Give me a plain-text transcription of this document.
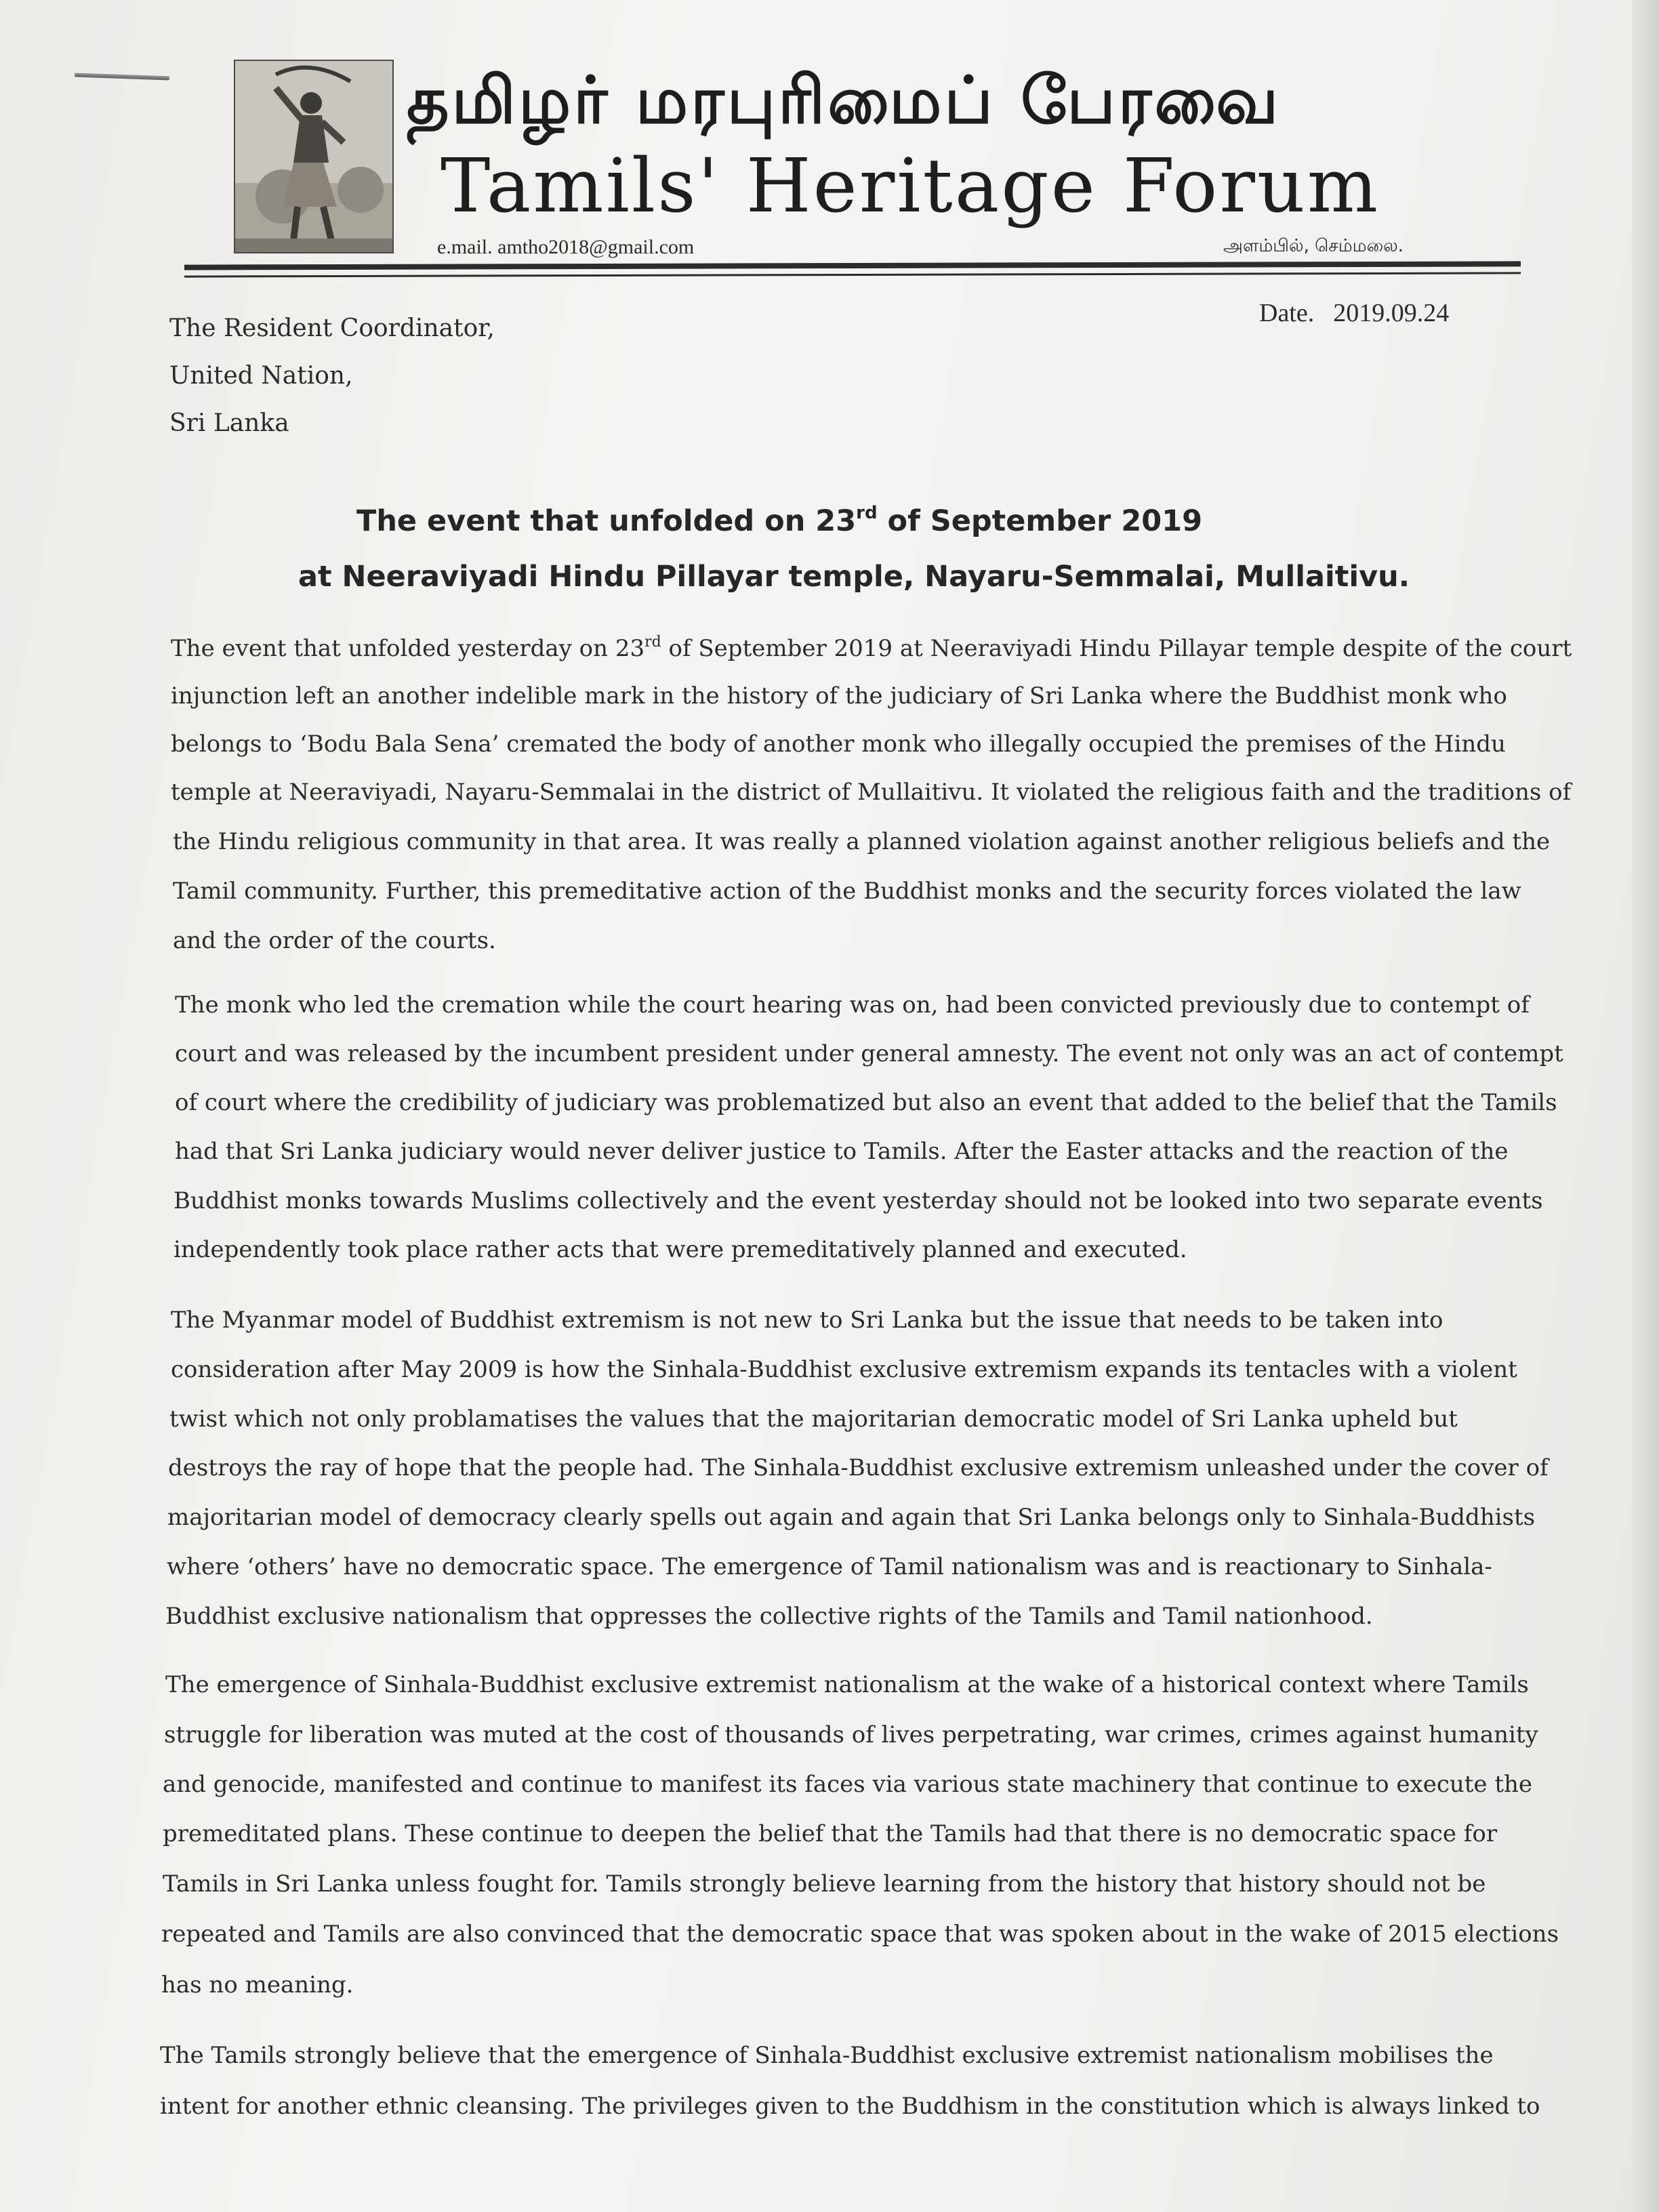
தமிழர் மரபுரிமைப் பேரவை
Tamils' Heritage Forum
e.mail. amtho2018@gmail.com	அளம்பில், செம்மலை.
The Resident Coordinator,
United Nation,
Sri Lanka
Date. 2019.09.24
The event that unfolded on 23rd of September 2019
at Neeraviyadi Hindu Pillayar temple, Nayaru-Semmalai, Mullaitivu.
The event that unfolded yesterday on 23rd of September 2019 at Neeraviyadi Hindu Pillayar temple despite of the court
injunction left an another indelible mark in the history of the judiciary of Sri Lanka where the Buddhist monk who
belongs to ‘Bodu Bala Sena’ cremated the body of another monk who illegally occupied the premises of the Hindu
temple at Neeraviyadi, Nayaru-Semmalai in the district of Mullaitivu. It violated the religious faith and the traditions of
the Hindu religious community in that area. It was really a planned violation against another religious beliefs and the
Tamil community. Further, this premeditative action of the Buddhist monks and the security forces violated the law
and the order of the courts.
The monk who led the cremation while the court hearing was on, had been convicted previously due to contempt of
court and was released by the incumbent president under general amnesty. The event not only was an act of contempt
of court where the credibility of judiciary was problematized but also an event that added to the belief that the Tamils
had that Sri Lanka judiciary would never deliver justice to Tamils. After the Easter attacks and the reaction of the
Buddhist monks towards Muslims collectively and the event yesterday should not be looked into two separate events
independently took place rather acts that were premeditatively planned and executed.
The Myanmar model of Buddhist extremism is not new to Sri Lanka but the issue that needs to be taken into
consideration after May 2009 is how the Sinhala-Buddhist exclusive extremism expands its tentacles with a violent
twist which not only problamatises the values that the majoritarian democratic model of Sri Lanka upheld but
destroys the ray of hope that the people had. The Sinhala-Buddhist exclusive extremism unleashed under the cover of
majoritarian model of democracy clearly spells out again and again that Sri Lanka belongs only to Sinhala-Buddhists
where ‘others’ have no democratic space. The emergence of Tamil nationalism was and is reactionary to Sinhala-
Buddhist exclusive nationalism that oppresses the collective rights of the Tamils and Tamil nationhood.
The emergence of Sinhala-Buddhist exclusive extremist nationalism at the wake of a historical context where Tamils
struggle for liberation was muted at the cost of thousands of lives perpetrating, war crimes, crimes against humanity
and genocide, manifested and continue to manifest its faces via various state machinery that continue to execute the
premeditated plans. These continue to deepen the belief that the Tamils had that there is no democratic space for
Tamils in Sri Lanka unless fought for. Tamils strongly believe learning from the history that history should not be
repeated and Tamils are also convinced that the democratic space that was spoken about in the wake of 2015 elections
has no meaning.
The Tamils strongly believe that the emergence of Sinhala-Buddhist exclusive extremist nationalism mobilises the
intent for another ethnic cleansing. The privileges given to the Buddhism in the constitution which is always linked to
